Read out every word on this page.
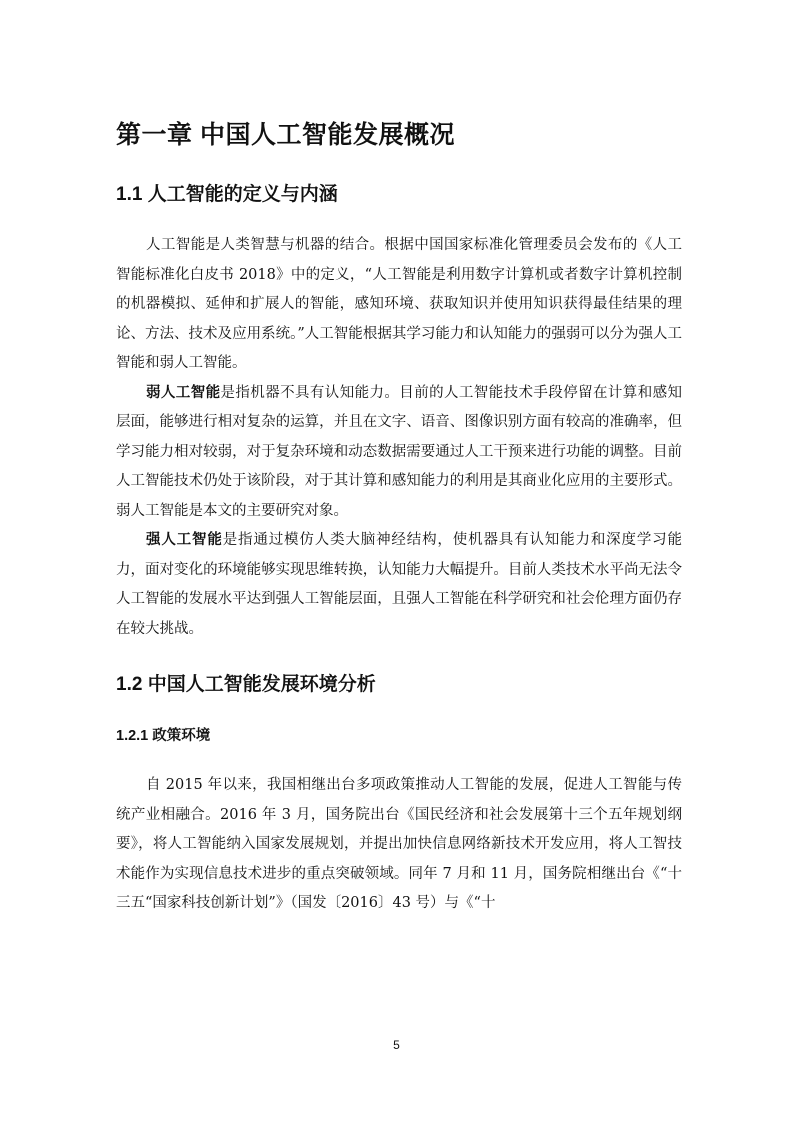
第一章 中国人工智能发展概况
1.1 人工智能的定义与内涵

人工智能是人类智慧与机器的结合。根据中国国家标准化管理委员会发布的《人工智能标准化白皮书 2018》中的定义，“人工智能是利用数字计算机或者数字计算机控制的机器模拟、延伸和扩展人的智能，感知环境、获取知识并使用知识获得最佳结果的理论、方法、技术及应用系统。”人工智能根据其学习能力和认知能力的强弱可以分为强人工智能和弱人工智能。

弱人工智能是指机器不具有认知能力。目前的人工智能技术手段停留在计算和感知层面，能够进行相对复杂的运算，并且在文字、语音、图像识别方面有较高的准确率，但学习能力相对较弱，对于复杂环境和动态数据需要通过人工干预来进行功能的调整。目前人工智能技术仍处于该阶段，对于其计算和感知能力的利用是其商业化应用的主要形式。弱人工智能是本文的主要研究对象。

强人工智能是指通过模仿人类大脑神经结构，使机器具有认知能力和深度学习能力，面对变化的环境能够实现思维转换，认知能力大幅提升。目前人类技术水平尚无法令人工智能的发展水平达到强人工智能层面，且强人工智能在科学研究和社会伦理方面仍存在较大挑战。

1.2 中国人工智能发展环境分析
1.2.1 政策环境

自 2015 年以来，我国相继出台多项政策推动人工智能的发展，促进人工智能与传统产业相融合。2016 年 3 月，国务院出台《国民经济和社会发展第十三个五年规划纲要》，将人工智能纳入国家发展规划，并提出加快信息网络新技术开发应用，将人工智技术能作为实现信息技术进步的重点突破领域。同年 7 月和 11 月，国务院相继出台《“十三五“国家科技创新计划”》（国发〔2016〕43 号）与《“十

5
